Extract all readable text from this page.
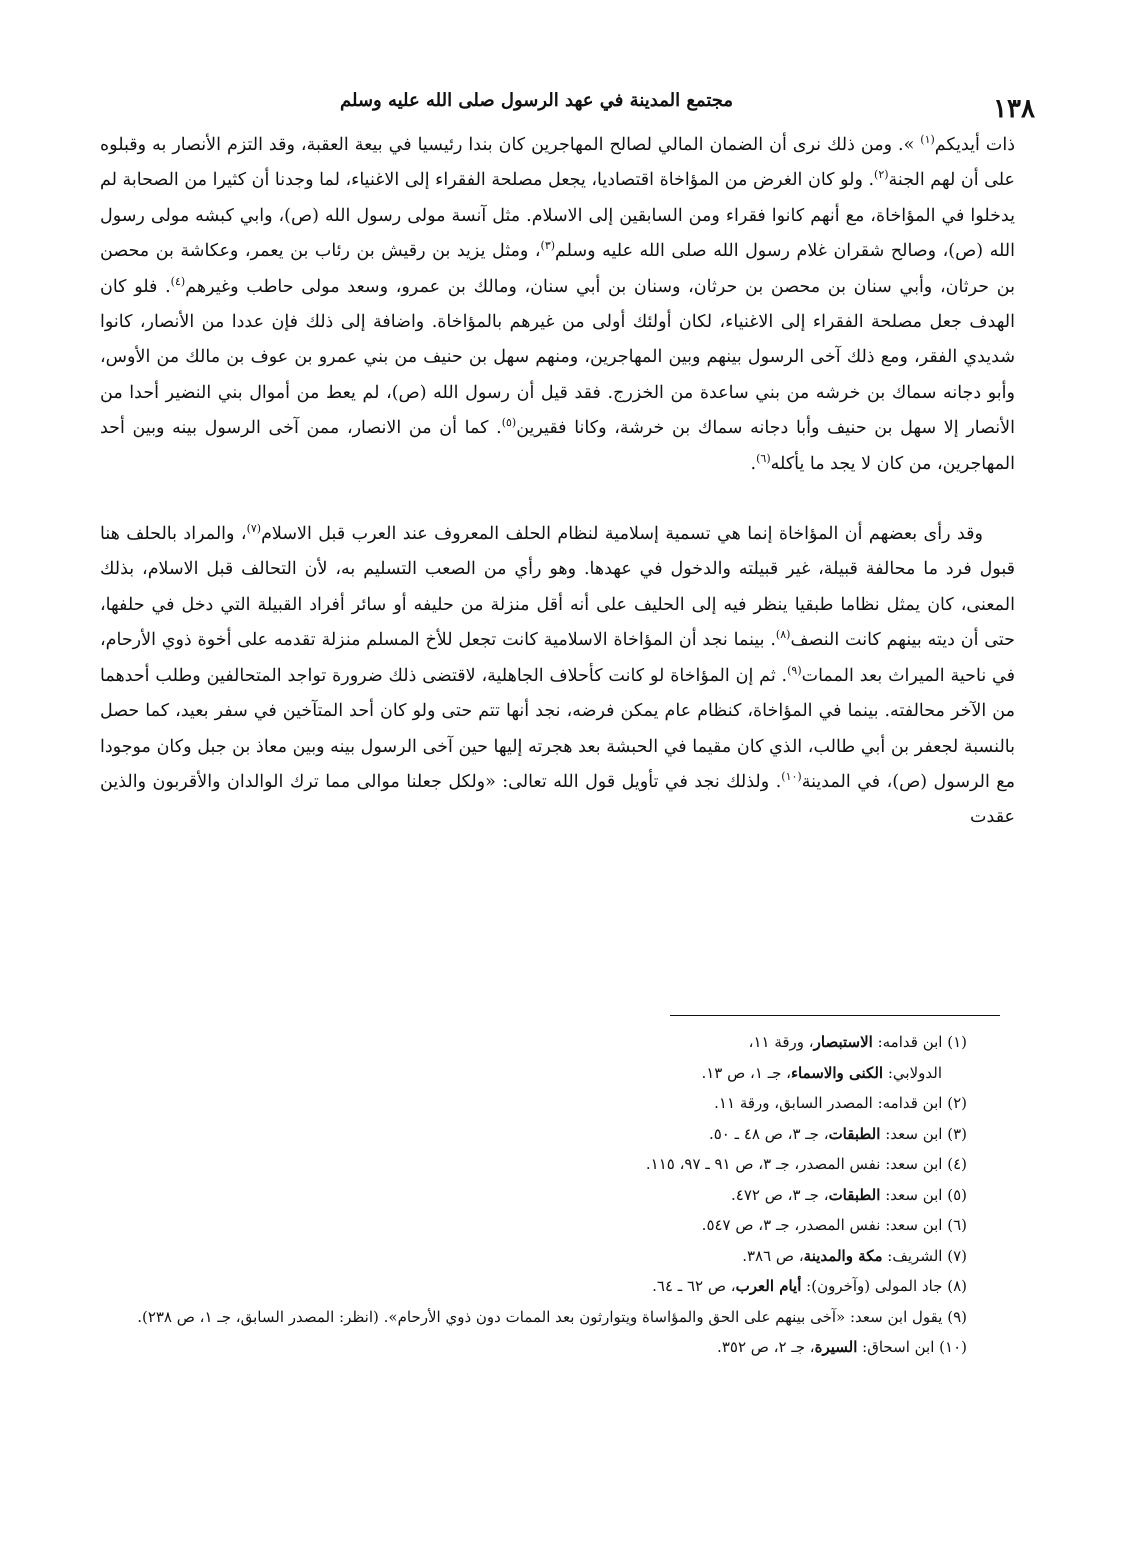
١٣٨
مجتمع المدينة في عهد الرسول صلى الله عليه وسلم

ذات أيديكم$^{(١)}$ ». ومن ذلك نرى أن الضمان المالي لصالح المهاجرين كان بندا رئيسيا في بيعة العقبة، وقد التزم الأنصار به وقبلوه على أن لهم الجنة$^{(٢)}$. ولو كان الغرض من المؤاخاة اقتصاديا، يجعل مصلحة الفقراء إلى الاغنياء، لما وجدنا أن كثيرا من الصحابة لم يدخلوا في المؤاخاة، مع أنهم كانوا فقراء ومن السابقين إلى الاسلام. مثل آنسة مولى رسول الله (ص)، وابي كبشه مولى رسول الله (ص)، وصالح شقران غلام رسول الله صلى الله عليه وسلم$^{(٣)}$، ومثل يزيد بن رقيش بن رئاب بن يعمر، وعكاشة بن محصن بن حرثان، وأبي سنان بن محصن بن حرثان، وسنان بن أبي سنان، ومالك بن عمرو، وسعد مولى حاطب وغيرهم$^{(٤)}$. فلو كان الهدف جعل مصلحة الفقراء إلى الاغنياء، لكان أولئك أولى من غيرهم بالمؤاخاة. واضافة إلى ذلك فإن عددا من الأنصار، كانوا شديدي الفقر، ومع ذلك آخى الرسول بينهم وبين المهاجرين، ومنهم سهل بن حنيف من بني عمرو بن عوف بن مالك من الأوس، وأبو دجانه سماك بن خرشه من بني ساعدة من الخزرج. فقد قيل أن رسول الله (ص)، لم يعط من أموال بني النضير أحدا من الأنصار إلا سهل بن حنيف وأبا دجانه سماك بن خرشة، وكانا فقيرين$^{(٥)}$. كما أن من الانصار، ممن آخى الرسول بينه وبين أحد المهاجرين، من كان لا يجد ما يأكله$^{(٦)}$.

وقد رأى بعضهم أن المؤاخاة إنما هي تسمية إسلامية لنظام الحلف المعروف عند العرب قبل الاسلام$^{(٧)}$، والمراد بالحلف هنا قبول فرد ما محالفة قبيلة، غير قبيلته والدخول في عهدها. وهو رأي من الصعب التسليم به، لأن التحالف قبل الاسلام، بذلك المعنى، كان يمثل نظاما طبقيا ينظر فيه إلى الحليف على أنه أقل منزلة من حليفه أو سائر أفراد القبيلة التي دخل في حلفها، حتى أن ديته بينهم كانت النصف$^{(٨)}$. بينما نجد أن المؤاخاة الاسلامية كانت تجعل للأخ المسلم منزلة تقدمه على أخوة ذوي الأرحام، في ناحية الميراث بعد الممات$^{(٩)}$. ثم إن المؤاخاة لو كانت كأحلاف الجاهلية، لاقتضى ذلك ضرورة تواجد المتحالفين وطلب أحدهما من الآخر محالفته. بينما في المؤاخاة، كنظام عام يمكن فرضه، نجد أنها تتم حتى ولو كان أحد المتآخين في سفر بعيد، كما حصل بالنسبة لجعفر بن أبي طالب، الذي كان مقيما في الحبشة بعد هجرته إليها حين آخى الرسول بينه وبين معاذ بن جبل وكان موجودا مع الرسول (ص)، في المدينة$^{(١٠)}$. ولذلك نجد في تأويل قول الله تعالى: «ولكل جعلنا موالى مما ترك الوالدان والأقربون والذين عقدت

(١) ابن قدامه: الاستبصار، ورقة ١١،
الدولابي: الكنى والاسماء، جـ ١، ص ١٣.
(٢) ابن قدامه: المصدر السابق، ورقة ١١.
(٣) ابن سعد: الطبقات، جـ ٣، ص ٤٨ ـ ٥٠.
(٤) ابن سعد: نفس المصدر، جـ ٣، ص ٩١ ـ ٩٧، ١١٥.
(٥) ابن سعد: الطبقات، جـ ٣، ص ٤٧٢.
(٦) ابن سعد: نفس المصدر، جـ ٣، ص ٥٤٧.
(٧) الشريف: مكة والمدينة، ص ٣٨٦.
(٨) جاد المولى (وآخرون): أيام العرب، ص ٦٢ ـ ٦٤.
(٩) يقول ابن سعد: «آخى بينهم على الحق والمؤاساة ويتوارثون بعد الممات دون ذوي الأرحام». (انظر: المصدر السابق، جـ ١، ص ٢٣٨).
(١٠) ابن اسحاق: السيرة، جـ ٢، ص ٣٥٢.
